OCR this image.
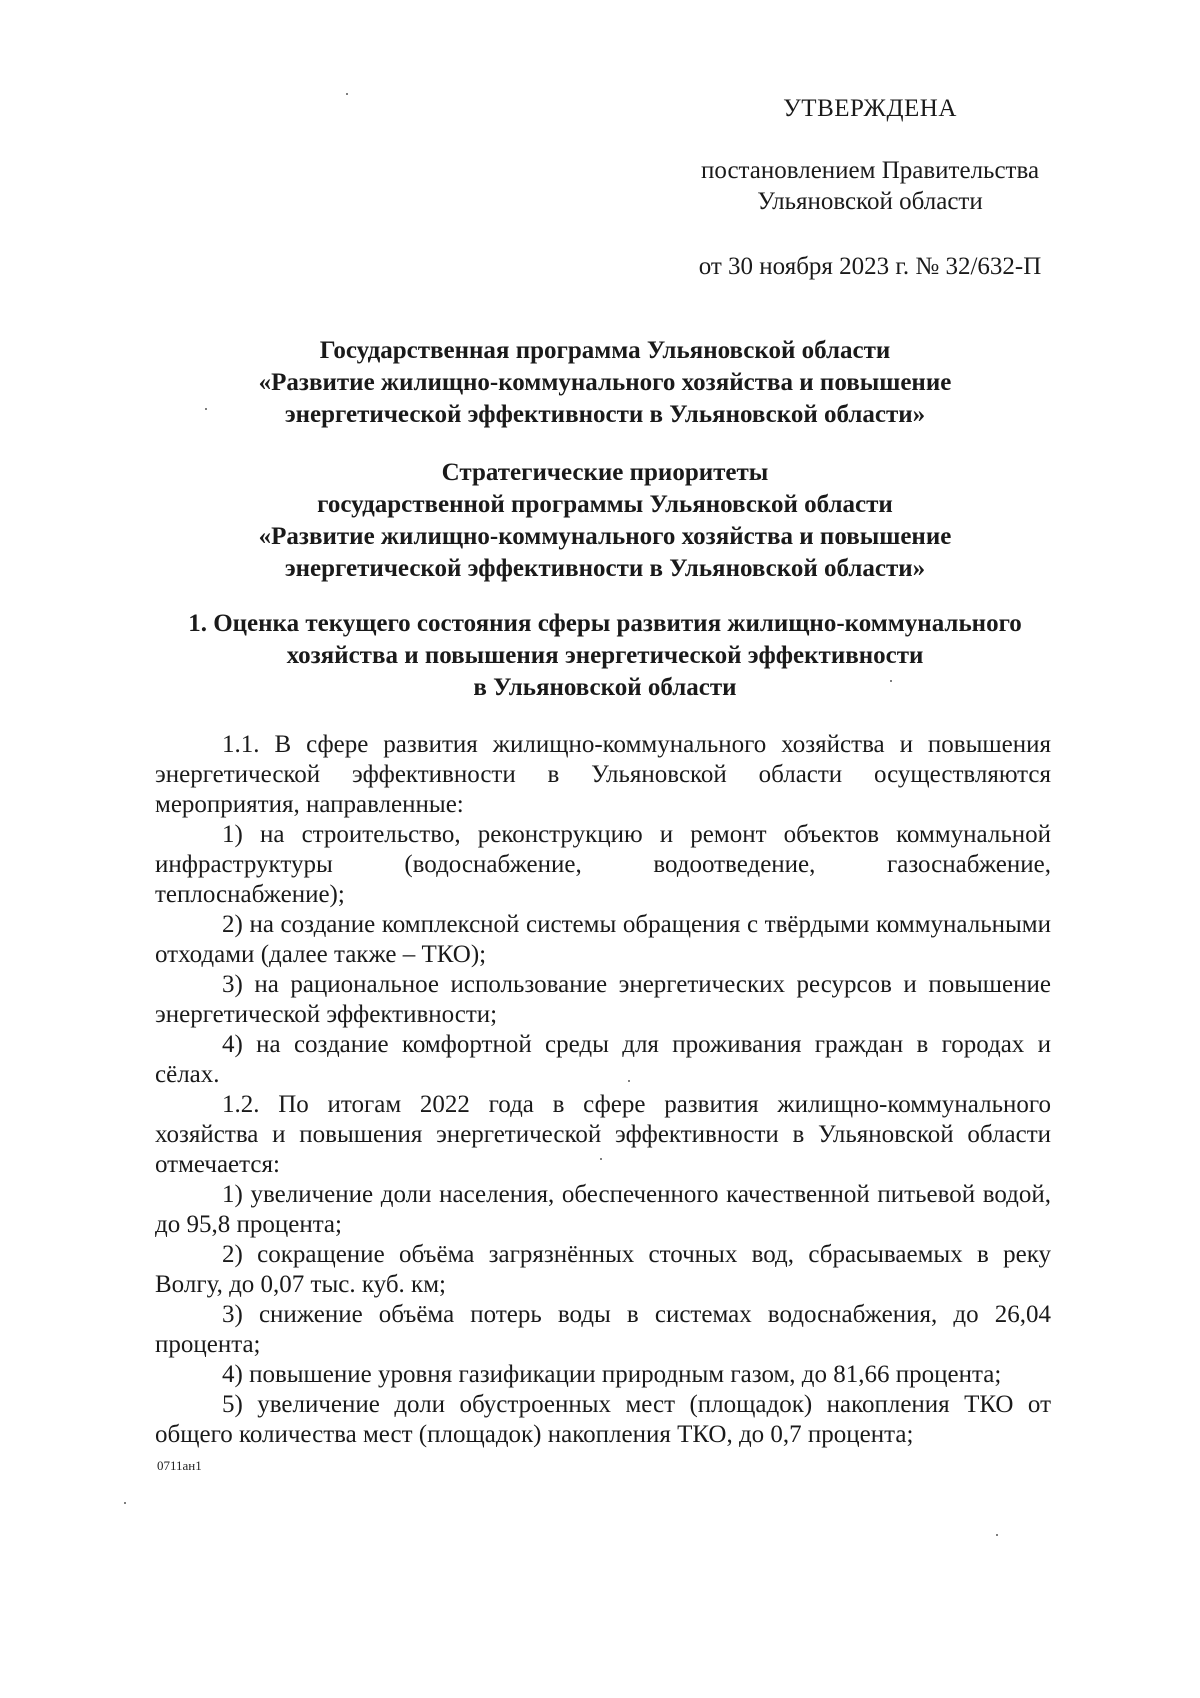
УТВЕРЖДЕНА
постановлением Правительства
Ульяновской области
от 30 ноября 2023 г. № 32/632-П
Государственная программа Ульяновской области
«Развитие жилищно-коммунального хозяйства и повышение
энергетической эффективности в Ульяновской области»
Стратегические приоритеты
государственной программы Ульяновской области
«Развитие жилищно-коммунального хозяйства и повышение
энергетической эффективности в Ульяновской области»
1. Оценка текущего состояния сферы развития жилищно-коммунального
хозяйства и повышения энергетической эффективности
в Ульяновской области

1.1. В сфере развития жилищно-коммунального хозяйства и повышения энергетической эффективности в Ульяновской области осуществляются мероприятия, направленные:

1) на строительство, реконструкцию и ремонт объектов коммунальной инфраструктуры (водоснабжение, водоотведение, газоснабжение, теплоснабжение);

2) на создание комплексной системы обращения с твёрдыми коммунальными отходами (далее также – ТКО);

3) на рациональное использование энергетических ресурсов и повышение энергетической эффективности;

4) на создание комфортной среды для проживания граждан в городах и сёлах.

1.2. По итогам 2022 года в сфере развития жилищно-коммунального хозяйства и повышения энергетической эффективности в Ульяновской области отмечается:

1) увеличение доли населения, обеспеченного качественной питьевой водой, до 95,8 процента;

2) сокращение объёма загрязнённых сточных вод, сбрасываемых в реку Волгу, до 0,07 тыс. куб. км;

3) снижение объёма потерь воды в системах водоснабжения, до 26,04 процента;

4) повышение уровня газификации природным газом, до 81,66 процента;

5) увеличение доли обустроенных мест (площадок) накопления ТКО от общего количества мест (площадок) накопления ТКО, до 0,7 процента;

0711ан1
